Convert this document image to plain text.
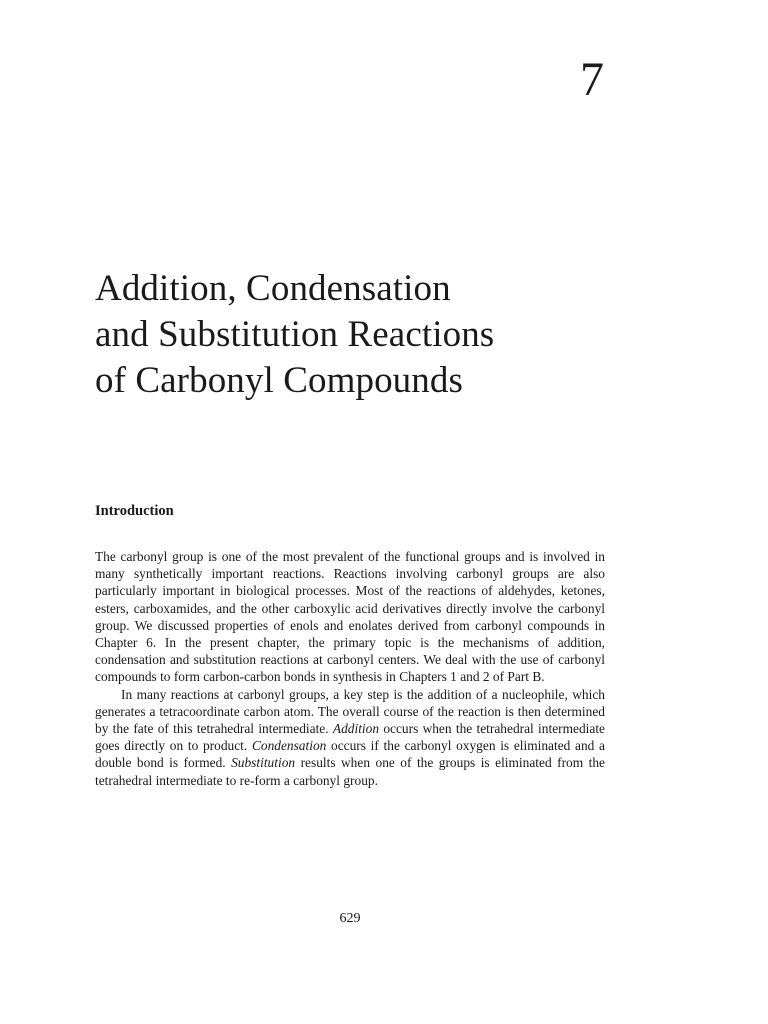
7
Addition, Condensation
and Substitution Reactions
of Carbonyl Compounds
Introduction

The carbonyl group is one of the most prevalent of the functional groups and is involved in many synthetically important reactions. Reactions involving carbonyl groups are also particularly important in biological processes. Most of the reactions of aldehydes, ketones, esters, carboxamides, and the other carboxylic acid derivatives directly involve the carbonyl group. We discussed properties of enols and enolates derived from carbonyl compounds in Chapter 6. In the present chapter, the primary topic is the mechanisms of addition, condensation and substitution reactions at carbonyl centers. We deal with the use of carbonyl compounds to form carbon-carbon bonds in synthesis in Chapters 1 and 2 of Part B.

In many reactions at carbonyl groups, a key step is the addition of a nucleophile, which generates a tetracoordinate carbon atom. The overall course of the reaction is then determined by the fate of this tetrahedral intermediate. Addition occurs when the tetrahedral intermediate goes directly on to product. Condensation occurs if the carbonyl oxygen is eliminated and a double bond is formed. Substitution results when one of the groups is eliminated from the tetrahedral intermediate to re-form a carbonyl group.

629
